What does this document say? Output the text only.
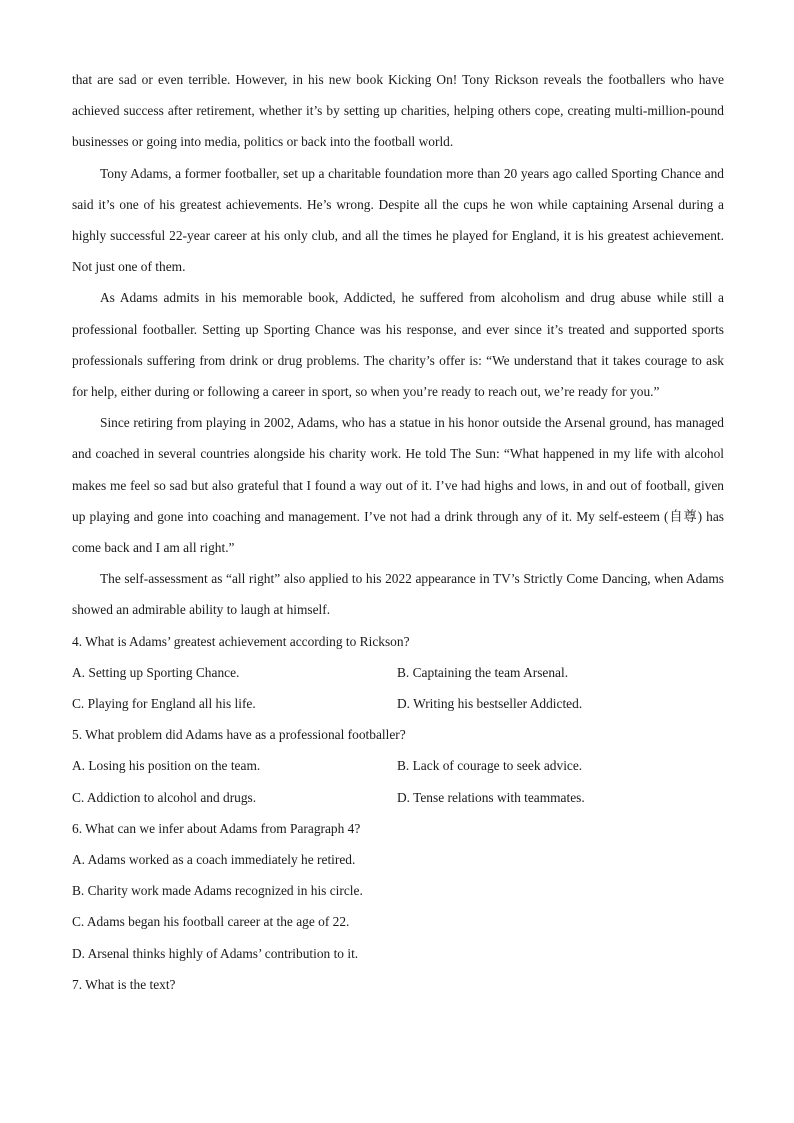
that are sad or even terrible. However, in his new book Kicking On! Tony Rickson reveals the footballers who have achieved success after retirement, whether it’s by setting up charities, helping others cope, creating multi-million-pound businesses or going into media, politics or back into the football world.

Tony Adams, a former footballer, set up a charitable foundation more than 20 years ago called Sporting Chance and said it’s one of his greatest achievements. He’s wrong. Despite all the cups he won while captaining Arsenal during a highly successful 22-year career at his only club, and all the times he played for England, it is his greatest achievement. Not just one of them.

As Adams admits in his memorable book, Addicted, he suffered from alcoholism and drug abuse while still a professional footballer. Setting up Sporting Chance was his response, and ever since it’s treated and supported sports professionals suffering from drink or drug problems. The charity’s offer is: “We understand that it takes courage to ask for help, either during or following a career in sport, so when you’re ready to reach out, we’re ready for you.”

Since retiring from playing in 2002, Adams, who has a statue in his honor outside the Arsenal ground, has managed and coached in several countries alongside his charity work. He told The Sun: “What happened in my life with alcohol makes me feel so sad but also grateful that I found a way out of it. I’ve had highs and lows, in and out of football, given up playing and gone into coaching and management. I’ve not had a drink through any of it. My self-esteem (自尊) has come back and I am all right.”

The self-assessment as “all right” also applied to his 2022 appearance in TV’s Strictly Come Dancing, when Adams showed an admirable ability to laugh at himself.

4. What is Adams’ greatest achievement according to Rickson?

A. Setting up Sporting Chance.	B. Captaining the team Arsenal.
C. Playing for England all his life.	D. Writing his bestseller Addicted.

5. What problem did Adams have as a professional footballer?

A. Losing his position on the team.	B. Lack of courage to seek advice.
C. Addiction to alcohol and drugs.	D. Tense relations with teammates.

6. What can we infer about Adams from Paragraph 4?

A. Adams worked as a coach immediately he retired.

B. Charity work made Adams recognized in his circle.

C. Adams began his football career at the age of 22.

D. Arsenal thinks highly of Adams’ contribution to it.

7. What is the text?
